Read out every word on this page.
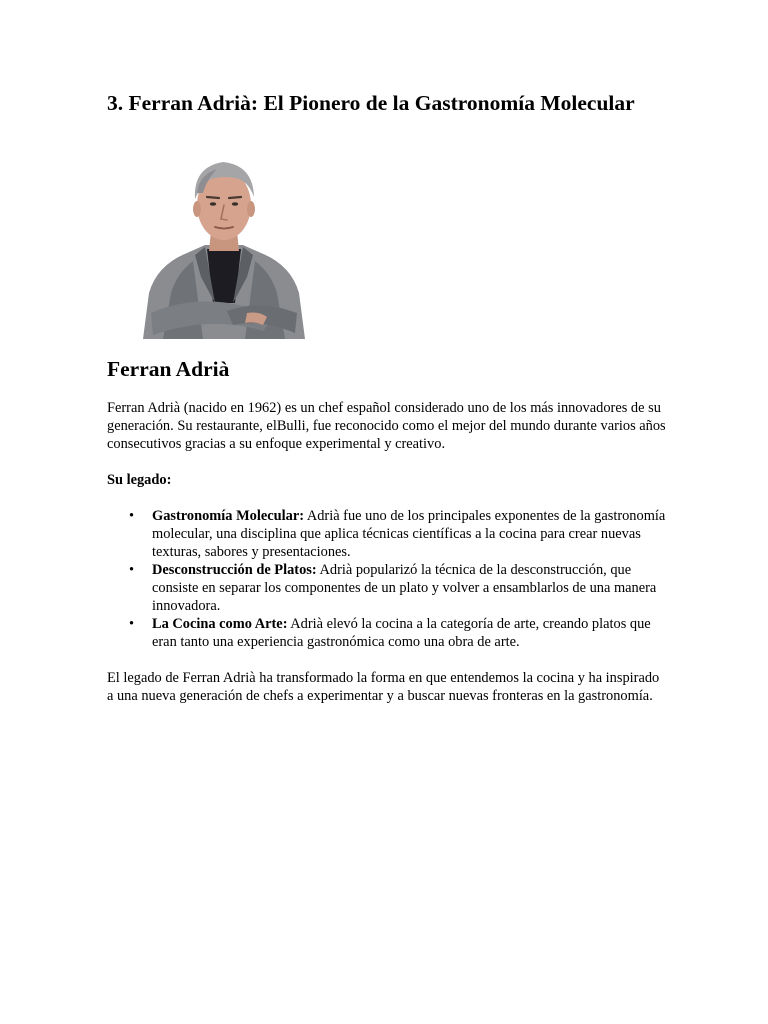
3. Ferran Adrià: El Pionero de la Gastronomía Molecular
Ferran Adrià

Ferran Adrià (nacido en 1962) es un chef español considerado uno de los más innovadores de su generación. Su restaurante, elBulli, fue reconocido como el mejor del mundo durante varios años consecutivos gracias a su enfoque experimental y creativo.

Su legado:

• Gastronomía Molecular: Adrià fue uno de los principales exponentes de la gastronomía molecular, una disciplina que aplica técnicas científicas a la cocina para crear nuevas texturas, sabores y presentaciones.
• Desconstrucción de Platos: Adrià popularizó la técnica de la desconstrucción, que consiste en separar los componentes de un plato y volver a ensamblarlos de una manera innovadora.
• La Cocina como Arte: Adrià elevó la cocina a la categoría de arte, creando platos que eran tanto una experiencia gastronómica como una obra de arte.

El legado de Ferran Adrià ha transformado la forma en que entendemos la cocina y ha inspirado a una nueva generación de chefs a experimentar y a buscar nuevas fronteras en la gastronomía.
